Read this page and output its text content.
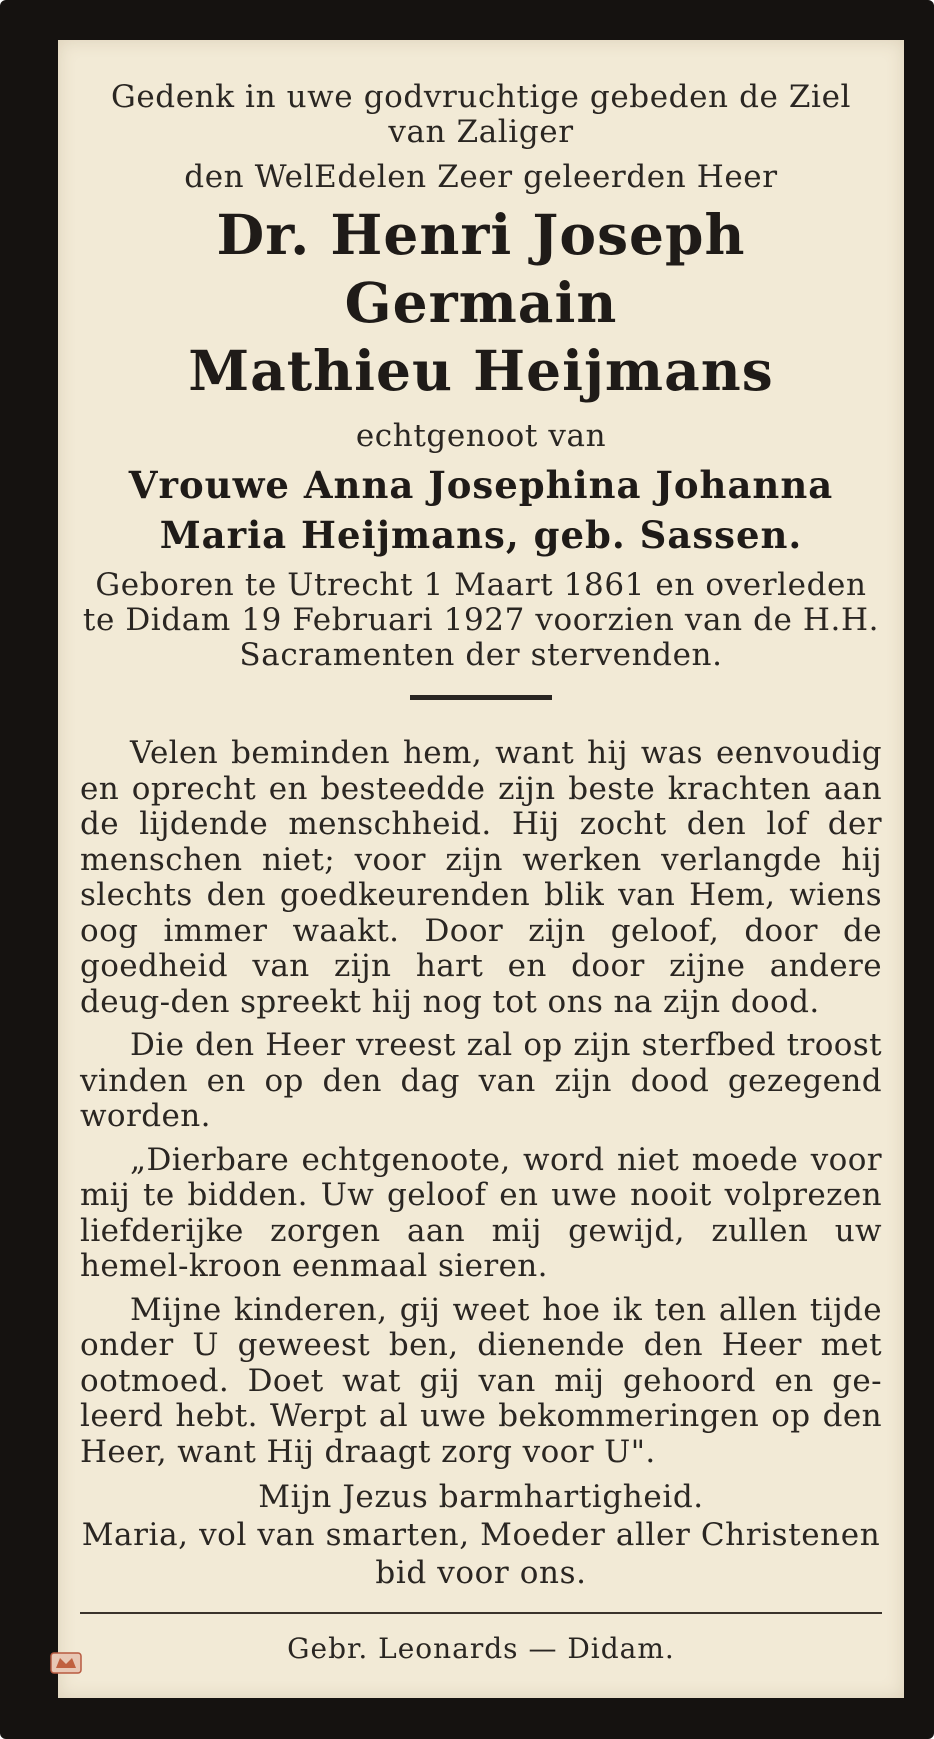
Gedenk in uwe godvruchtige gebeden de Ziel

van Zaliger

den WelEdelen Zeer geleerden Heer

Dr. Henri Joseph Germain

Mathieu Heijmans

echtgenoot van

Vrouwe Anna Josephina Johanna

Maria Heijmans, geb. Sassen.

Geboren te Utrecht 1 Maart 1861 en overleden

te Didam 19 Februari 1927 voorzien van de H.H.

Sacramenten der stervenden.

Velen beminden hem, want hij was eenvoudig en oprecht en besteedde zijn beste krachten aan de lijdende menschheid. Hij zocht den lof der menschen niet; voor zijn werken verlangde hij slechts den goedkeurenden blik van Hem, wiens oog immer waakt. Door zijn geloof, door de goedheid van zijn hart en door zijne andere deug-den spreekt hij nog tot ons na zijn dood.

Die den Heer vreest zal op zijn sterfbed troost vinden en op den dag van zijn dood gezegend worden.

„Dierbare echtgenoote, word niet moede voor mij te bidden. Uw geloof en uwe nooit volprezen liefderijke zorgen aan mij gewijd, zullen uw hemel-kroon eenmaal sieren.

Mijne kinderen, gij weet hoe ik ten allen tijde onder U geweest ben, dienende den Heer met ootmoed. Doet wat gij van mij gehoord en ge-leerd hebt. Werpt al uwe bekommeringen op den Heer, want Hij draagt zorg voor U".

Mijn Jezus barmhartigheid.

Maria, vol van smarten, Moeder aller Christenen

bid voor ons.

Gebr. Leonards — Didam.
